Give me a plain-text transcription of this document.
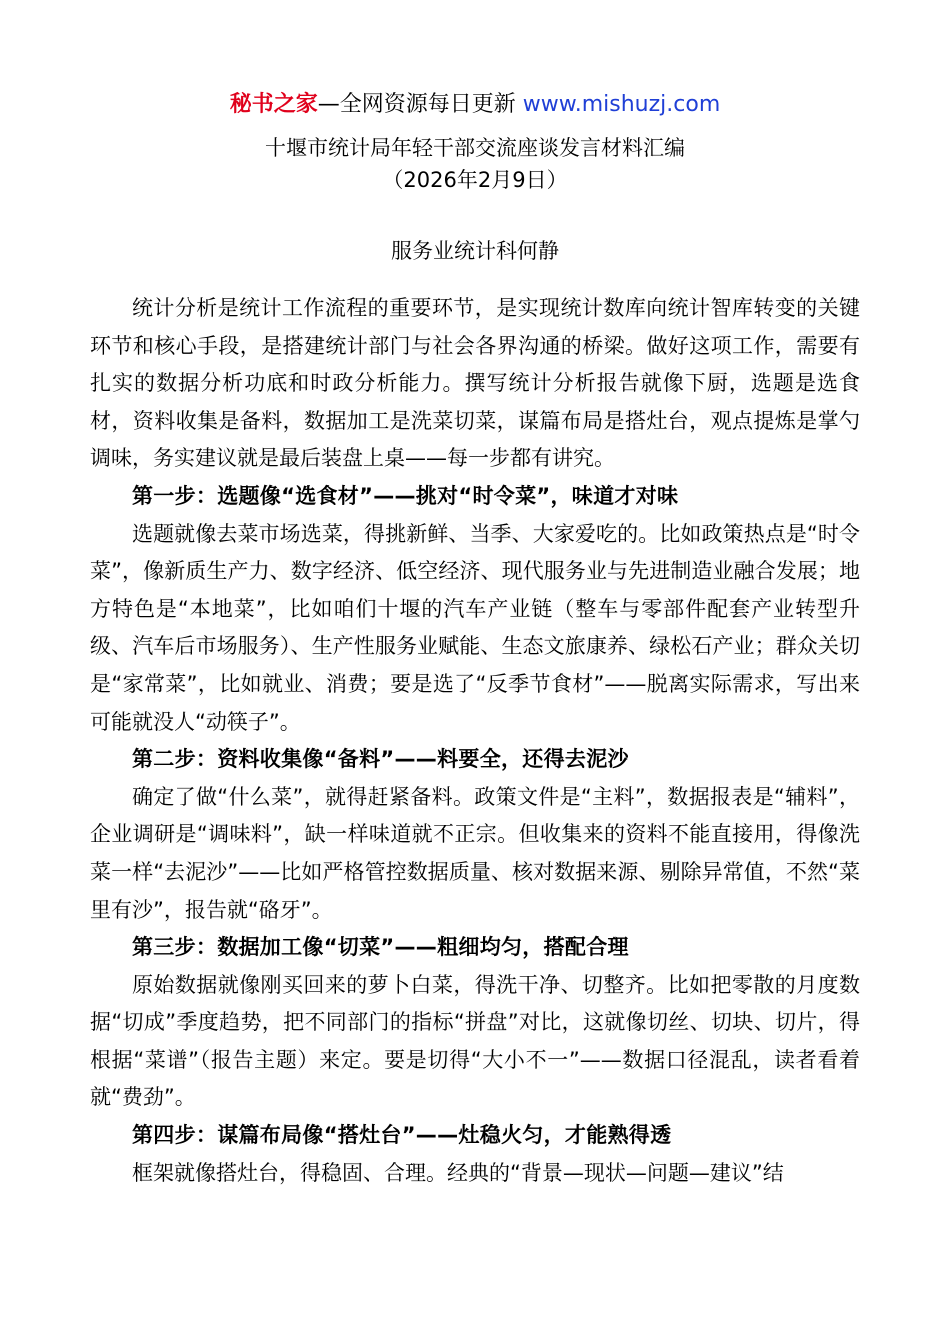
秘书之家—全网资源每日更新 www.mishuzj.com
十堰市统计局年轻干部交流座谈发言材料汇编
（2026年2月9日）
服务业统计科何静

统计分析是统计工作流程的重要环节，是实现统计数库向统计智库转变的关键环节和核心手段，是搭建统计部门与社会各界沟通的桥梁。做好这项工作，需要有扎实的数据分析功底和时政分析能力。撰写统计分析报告就像下厨，选题是选食材，资料收集是备料，数据加工是洗菜切菜，谋篇布局是搭灶台，观点提炼是掌勺调味，务实建议就是最后装盘上桌——每一步都有讲究。

第一步：选题像“选食材”——挑对“时令菜”，味道才对味

选题就像去菜市场选菜，得挑新鲜、当季、大家爱吃的。比如政策热点是“时令菜”，像新质生产力、数字经济、低空经济、现代服务业与先进制造业融合发展；地方特色是“本地菜”，比如咱们十堰的汽车产业链（整车与零部件配套产业转型升级、汽车后市场服务）、生产性服务业赋能、生态文旅康养、绿松石产业；群众关切是“家常菜”，比如就业、消费；要是选了“反季节食材”——脱离实际需求，写出来可能就没人“动筷子”。

第二步：资料收集像“备料”——料要全，还得去泥沙

确定了做“什么菜”，就得赶紧备料。政策文件是“主料”，数据报表是“辅料”，企业调研是“调味料”，缺一样味道就不正宗。但收集来的资料不能直接用，得像洗菜一样“去泥沙”——比如严格管控数据质量、核对数据来源、剔除异常值，不然“菜里有沙”，报告就“硌牙”。

第三步：数据加工像“切菜”——粗细均匀，搭配合理

原始数据就像刚买回来的萝卜白菜，得洗干净、切整齐。比如把零散的月度数据“切成”季度趋势，把不同部门的指标“拼盘”对比，这就像切丝、切块、切片，得根据“菜谱”（报告主题）来定。要是切得“大小不一”——数据口径混乱，读者看着就“费劲”。

第四步：谋篇布局像“搭灶台”——灶稳火匀，才能熟得透

框架就像搭灶台，得稳固、合理。经典的“背景—现状—问题—建议”结
